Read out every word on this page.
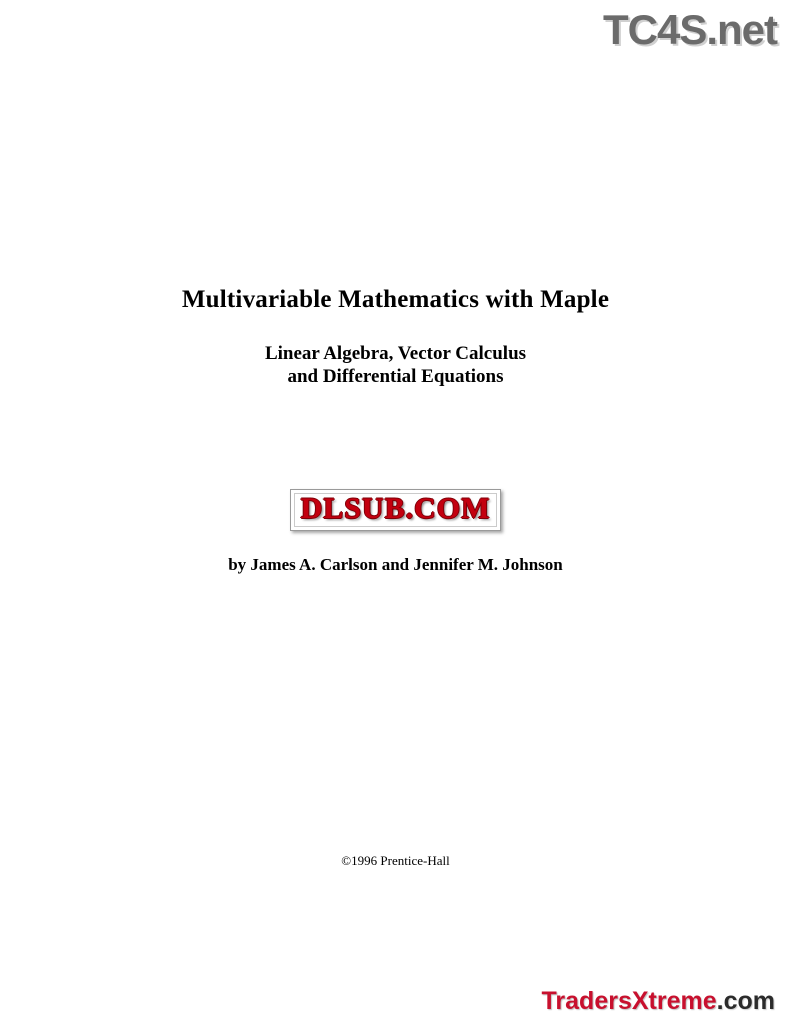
TC4S.net
Multivariable Mathematics with Maple

Linear Algebra, Vector Calculus

and Differential Equations

DLSUB.COM
by James A. Carlson and Jennifer M. Johnson
©1996 Prentice-Hall
TradersXtreme.com
